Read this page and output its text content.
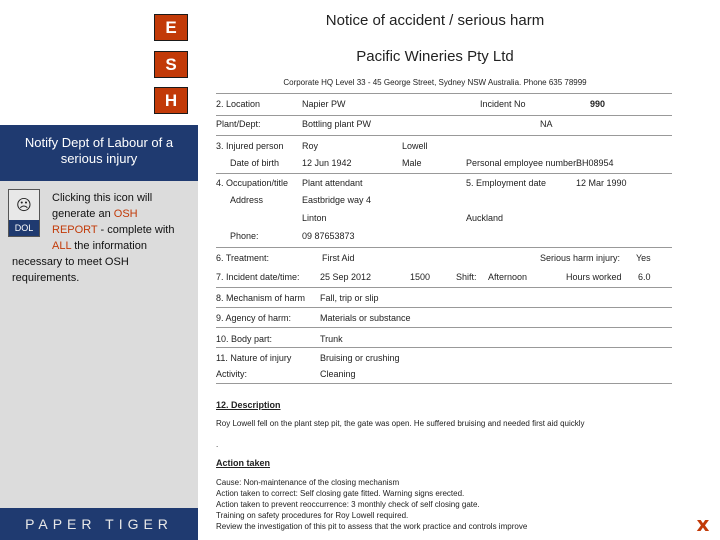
E
S
H
Notify Dept of Labour of a
serious injury
☹
DOL
Clicking this icon will
generate an OSH
REPORT - complete with
ALL the information
necessary to meet OSH
requirements.
PAPER TIGER
Notice of accident / serious harm
Pacific Wineries Pty Ltd
Corporate HQ Level 33 - 45 George Street, Sydney NSW Australia. Phone 635 78999
2. Location	Napier PW	Incident No	990
Plant/Dept:	Bottling plant PW	NA
3. Injured person Roy	Lowell
Date of birth	12 Jun 1942	Male	Personal employee number BH08954
4. Occupation/title Plant attendant	5. Employment date	12 Mar 1990
Address	Eastbridge way 4
Linton	Auckland
Phone:	09 87653873
6. Treatment:	First Aid	Serious harm injury: Yes
7. Incident date/time: 25 Sep 2012	1500	Shift: Afternoon	Hours worked 6.0
8. Mechanism of harm Fall, trip or slip
9. Agency of harm:	Materials or substance
10. Body part:	Trunk
11. Nature of injury	Bruising or crushing
Activity:	Cleaning
12. Description
Roy Lowell fell on the plant step pit, the gate was open. He suffered bruising and needed first aid quickly
.
Action taken
Cause: Non-maintenance of the closing mechanism
Action taken to correct: Self closing gate fitted. Warning signs erected.
Action taken to prevent reoccurrence: 3 monthly check of self closing gate.
Training on safety procedures for Roy Lowell required.
Review the investigation of this pit to assess that the work practice and controls improve	x
